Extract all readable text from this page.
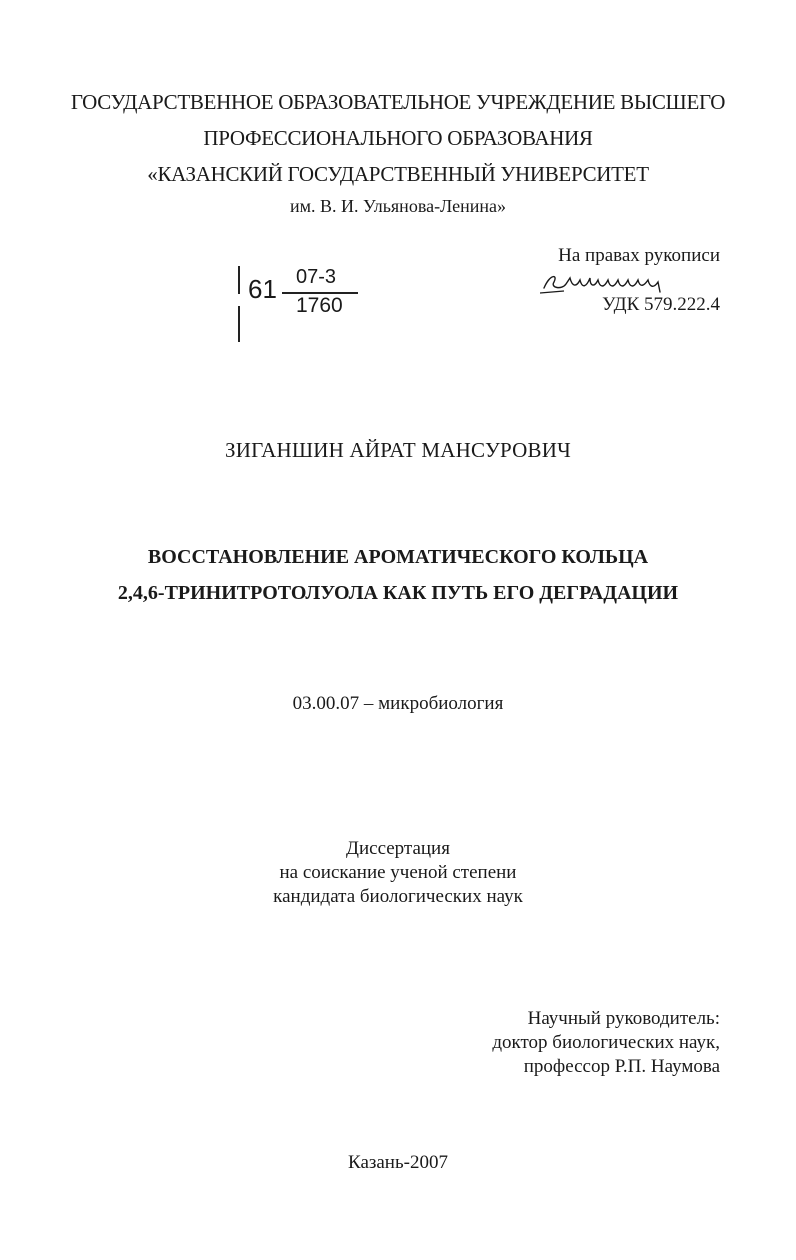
ГОСУДАРСТВЕННОЕ ОБРАЗОВАТЕЛЬНОЕ УЧРЕЖДЕНИЕ ВЫСШЕГО
ПРОФЕССИОНАЛЬНОГО ОБРАЗОВАНИЯ
«КАЗАНСКИЙ ГОСУДАРСТВЕННЫЙ УНИВЕРСИТЕТ
им. В. И. Ульянова-Ленина»
61 07-3
1760
На правах рукописи
УДК 579.222.4
ЗИГАНШИН АЙРАТ МАНСУРОВИЧ
ВОССТАНОВЛЕНИЕ АРОМАТИЧЕСКОГО КОЛЬЦА
2,4,6-ТРИНИТРОТОЛУОЛА КАК ПУТЬ ЕГО ДЕГРАДАЦИИ
03.00.07 – микробиология
Диссертация
на соискание ученой степени
кандидата биологических наук
Научный руководитель:
доктор биологических наук,
профессор Р.П. Наумова
Казань-2007
